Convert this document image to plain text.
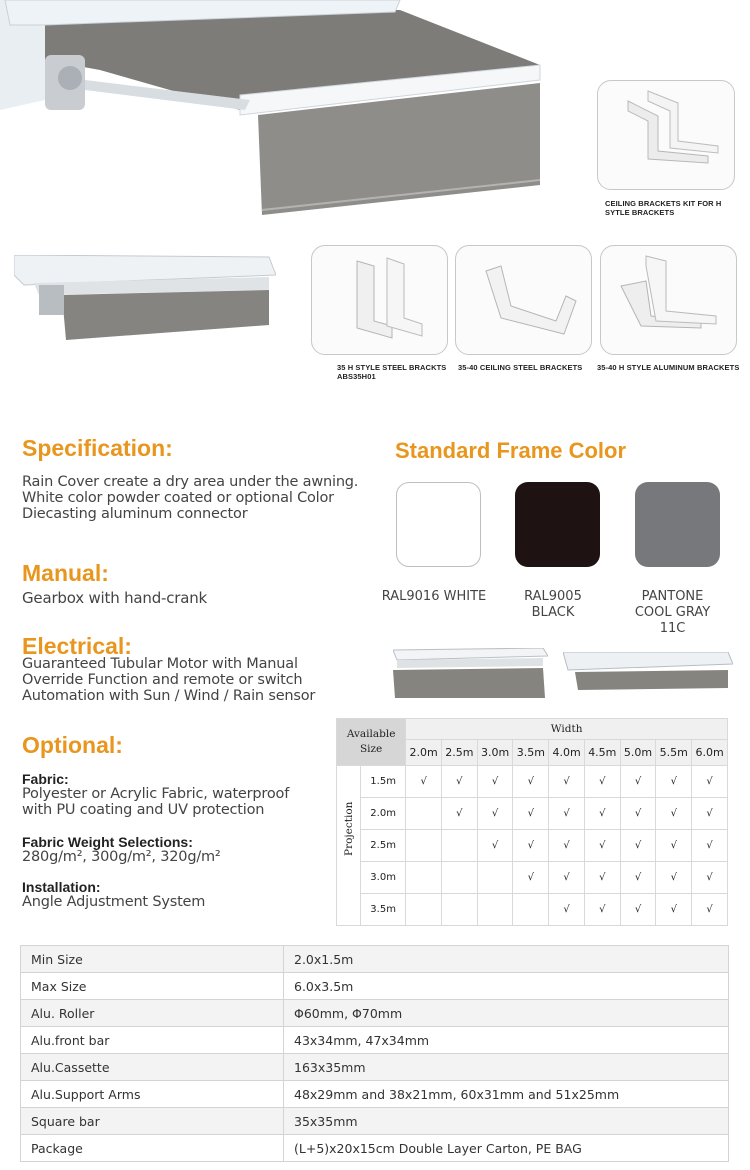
CEILING BRACKETS KIT FOR H SYTLE BRACKETS
35 H STYLE STEEL BRACKTS ABS35H01
35-40 CEILING STEEL BRACKETS	35-40 H STYLE ALUMINUM BRACKETS
Specification:
Rain Cover create a dry area under the awning. White color powder coated or optional Color Diecasting aluminum connector
Manual:
Gearbox with hand-crank
Electrical:
Guaranteed Tubular Motor with Manual Override Function and remote or switch Automation with Sun / Wind / Rain sensor
Optional:
Fabric:
Polyester or Acrylic Fabric, waterproof with PU coating and UV protection
Fabric Weight Selections:
280g/m², 300g/m², 320g/m²
Installation:
Angle Adjustment System
Standard Frame Color
RAL9016 WHITE	RAL9005 BLACK
PANTONE COOL GRAY 11C
Available Size		Width								
		2.0m	2.5m	3.0m	3.5m	4.0m	4.5m	5.0m	5.5m	6.0m

Projection	1.5m	√	√	√	√	√	√	√	√	√
	2.0m		√	√	√	√	√	√	√	√
	2.5m			√	√	√	√	√	√	√
	3.0m				√	√	√	√	√	√
	3.5m					√	√	√	√	√
Min Size	2.0x1.5m
Max Size	6.0x3.5m
Alu. Roller	Φ60mm, Φ70mm
Alu.front bar	43x34mm, 47x34mm
Alu.Cassette	163x35mm
Alu.Support Arms	48x29mm and 38x21mm, 60x31mm and 51x25mm
Square bar	35x35mm
Package	(L+5)x20x15cm Double Layer Carton, PE BAG
